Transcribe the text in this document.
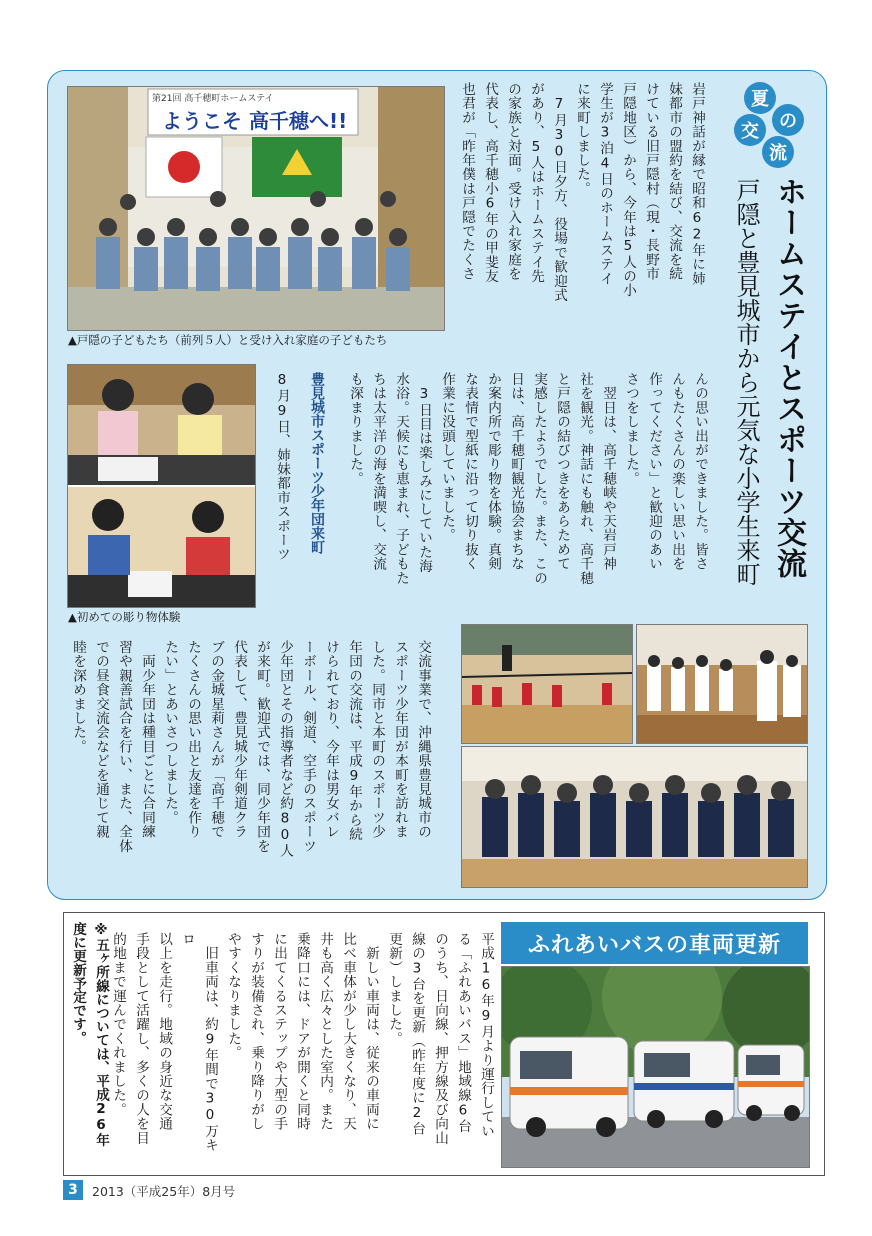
第21回 高千穂町ホームステイ
ようこそ 高千穂へ!!
▲戸隠の子どもたち（前列５人）と受け入れ家庭の子どもたち
▲初めての彫り物体験
夏
の
交
流
ホームステイとスポーツ交流
戸隠と豊見城市から元気な小学生来町
岩戸神話が縁で昭和62年に姉
妹都市の盟約を結び、交流を続
けている旧戸隠村（現・長野市
戸隠地区）から、今年は5人の小
学生が3泊4日のホームステイ
に来町しました。
　7月30日夕方、役場で歓迎式
があり、5人はホームステイ先
の家族と対面。受け入れ家庭を
代表し、高千穂小6年の甲斐友
也君が「昨年僕は戸隠でたくさ
んの思い出ができました。皆さ
んもたくさんの楽しい思い出を
作ってください」と歓迎のあい
さつをしました。
　翌日は、高千穂峡や天岩戸神
社を観光。神話にも触れ、高千穂
と戸隠の結びつきをあらためて
実感したようでした。また、この
日は、高千穂町観光協会まちな
か案内所で彫り物を体験。真剣
な表情で型紙に沿って切り抜く
作業に没頭していました。
　3日目は楽しみにしていた海
水浴。天候にも恵まれ、子どもた
ちは太平洋の海を満喫し、交流
も深まりました。
豊見城市スポーツ少年団来町
8月9日、姉妹都市スポーツ
交流事業で、沖縄県豊見城市の
スポーツ少年団が本町を訪れま
した。同市と本町のスポーツ少
年団の交流は、平成9年から続
けられており、今年は男女バレ
ーボール、剣道、空手のスポーツ
少年団とその指導者など約80人
が来町。歓迎式では、同少年団を
代表して、豊見城少年剣道クラ
ブの金城星莉さんが「高千穂で
たくさんの思い出と友達を作り
たい」とあいさつしました。
　両少年団は種目ごとに合同練
習や親善試合を行い、また、全体
での昼食交流会などを通じて親
睦を深めました。
ふれあいバスの車両更新
平成16年9月より運行してい
る「ふれあいバス」地域線6台
のうち、日向線、押方線及び向山
線の3台を更新（昨年度に2台
更新）しました。
　新しい車両は、従来の車両に
比べ車体が少し大きくなり、天
井も高く広々とした室内。また
乗降口には、ドアが開くと同時
に出てくるステップや大型の手
すりが装備され、乗り降りがし
やすくなりました。
　旧車両は、約9年間で30万キロ
以上を走行。地域の身近な交通
手段として活躍し、多くの人を目
的地まで運んでくれました。
※五ヶ所線については、平成26年
度に更新予定です。
3	2013（平成25年）8月号
